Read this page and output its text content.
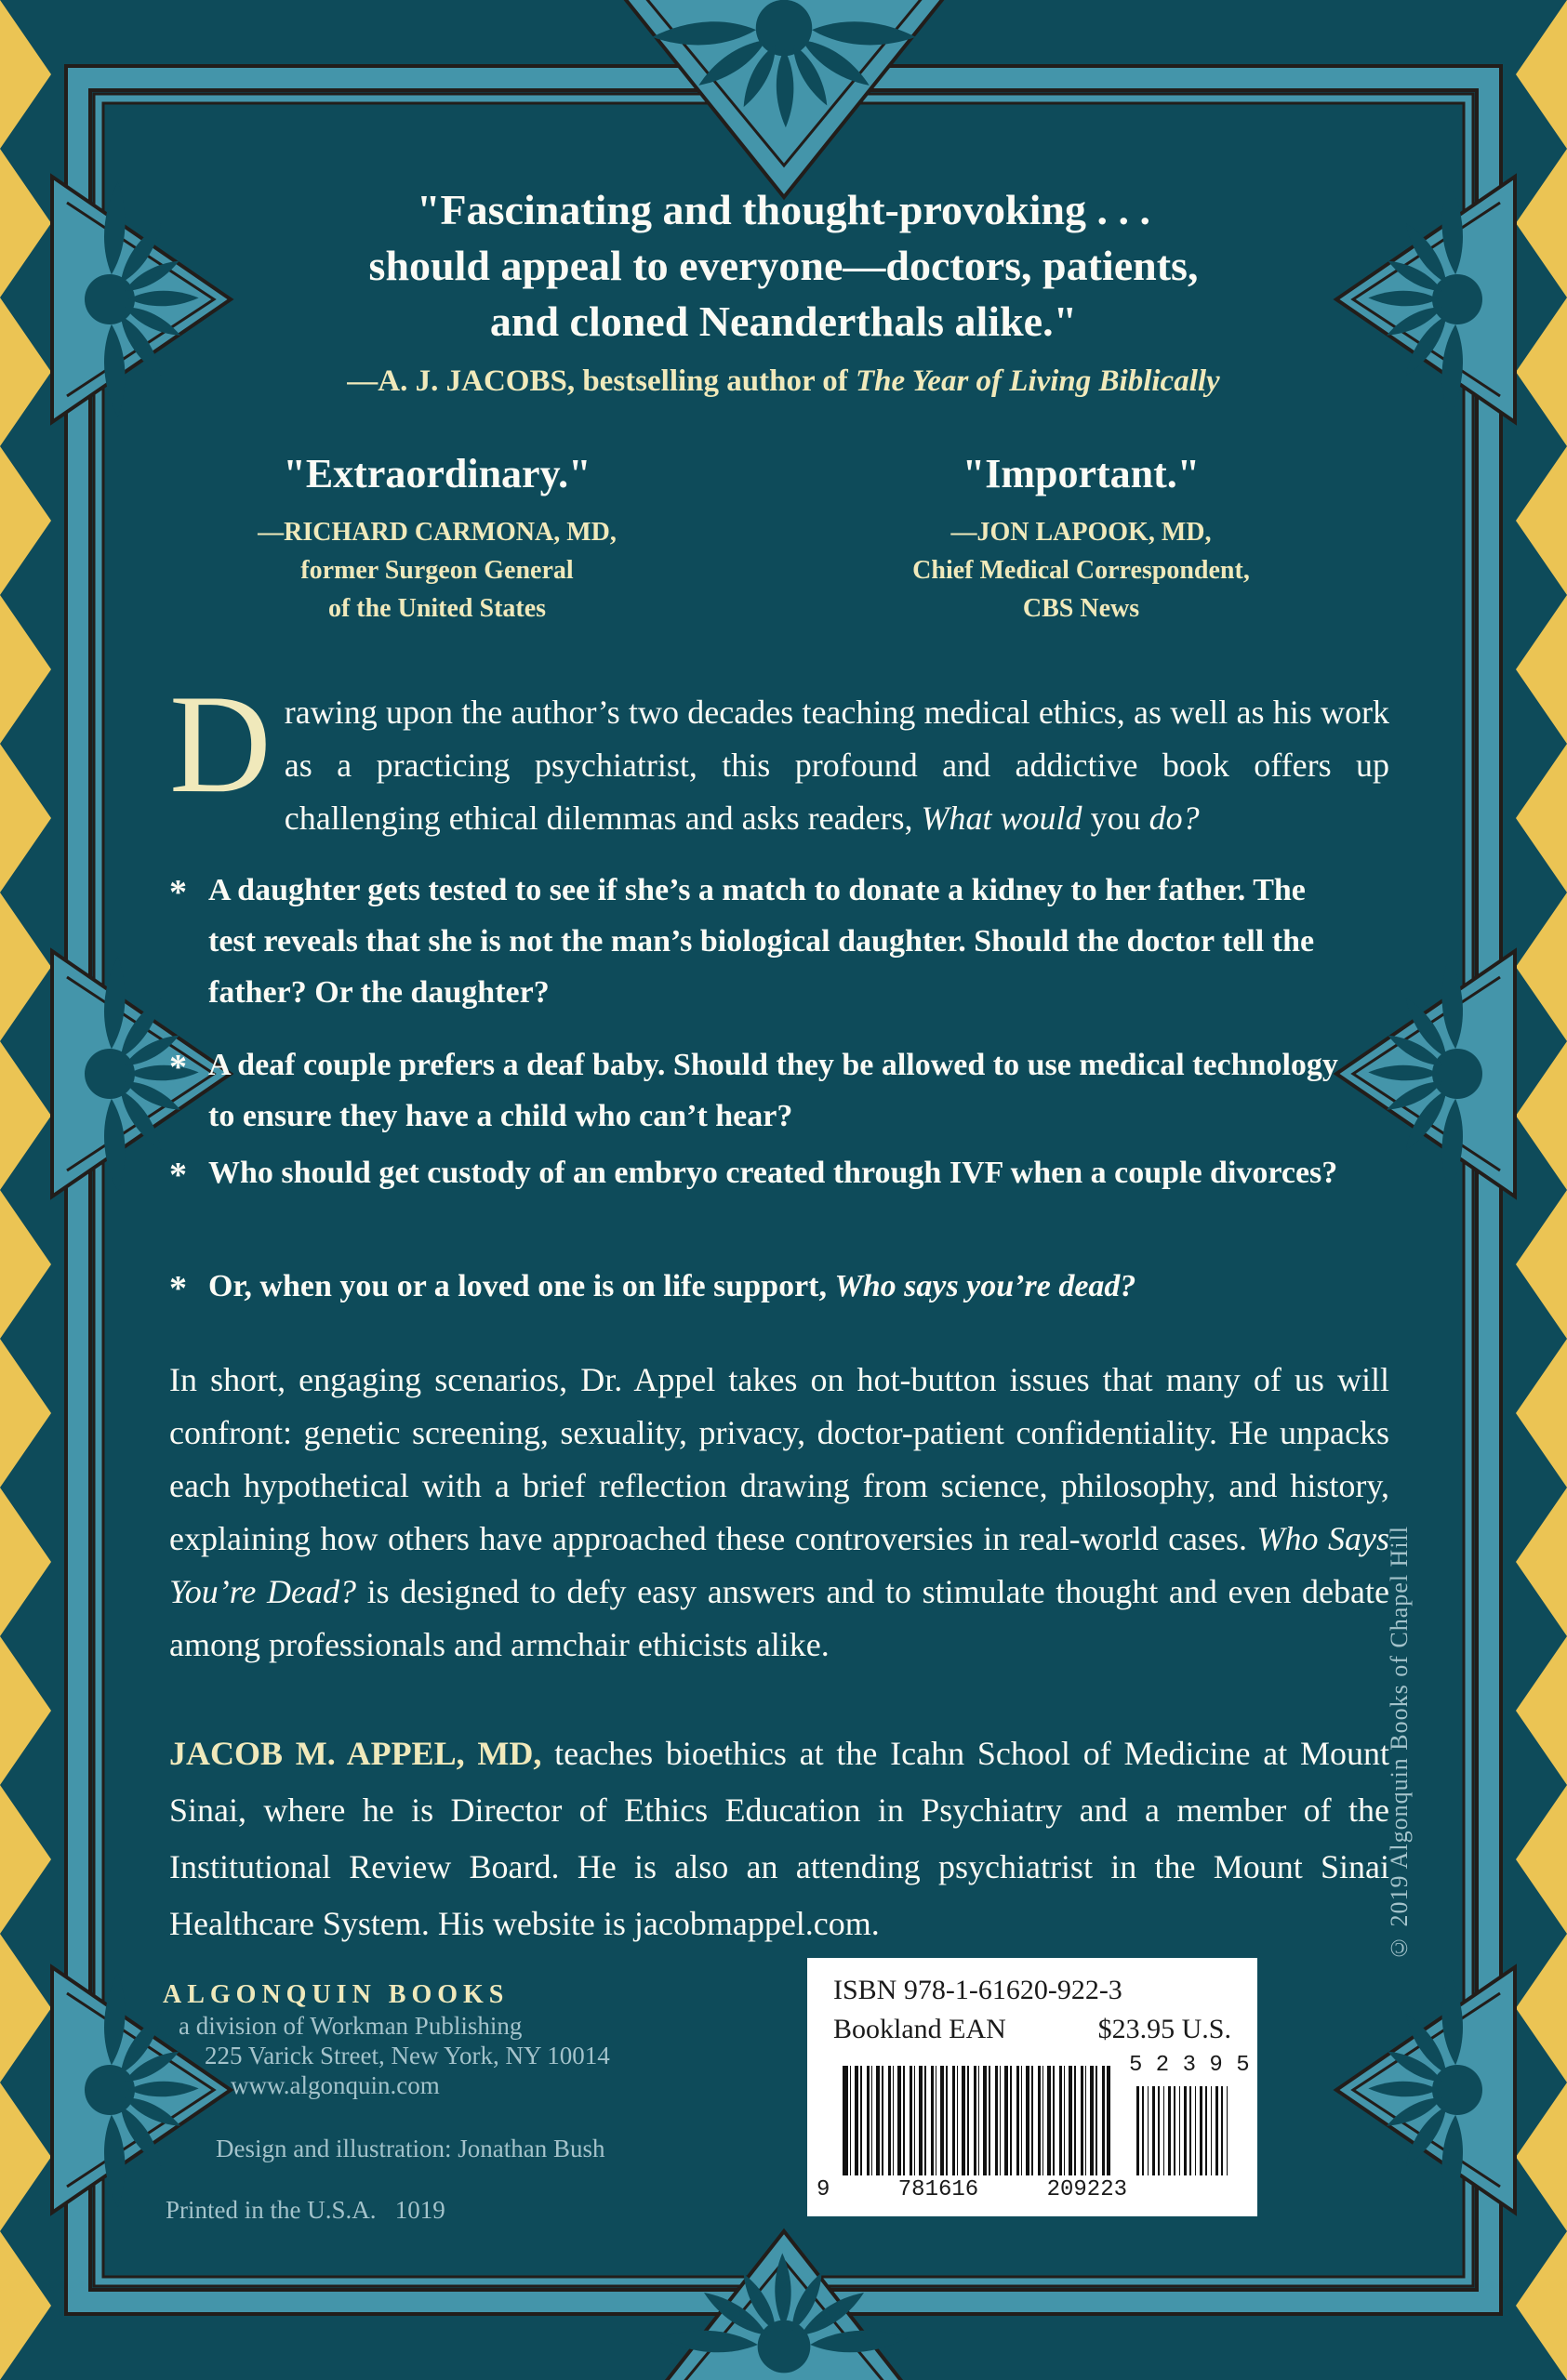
"Fascinating and thought-provoking . . .
should appeal to everyone—doctors, patients,
and cloned Neanderthals alike."
—A. J. JACOBS, bestselling author of The Year of Living Biblically
"Extraordinary."
—RICHARD CARMONA, MD,
former Surgeon General
of the United States
"Important."
—JON LAPOOK, MD,
Chief Medical Correspondent,
CBS News
Drawing upon the author’s two decades teaching medical ethics, as well as his work as a practicing psychiatrist, this profound and addictive book offers up challenging ethical dilemmas and asks readers, What would you do?
* A daughter gets tested to see if she’s a match to donate a kidney to her father. The test reveals that she is not the man’s biological daughter. Should the doctor tell the father? Or the daughter?
* A deaf couple prefers a deaf baby. Should they be allowed to use medical technology to ensure they have a child who can’t hear?
* Who should get custody of an embryo created through IVF when a couple divorces?
* Or, when you or a loved one is on life support, Who says you’re dead?
In short, engaging scenarios, Dr. Appel takes on hot-button issues that many of us will confront: genetic screening, sexuality, privacy, doctor-patient confidentiality. He unpacks each hypothetical with a brief reflection drawing from science, philosophy, and history, explaining how others have approached these controversies in real-world cases. Who Says You’re Dead? is designed to defy easy answers and to stimulate thought and even debate among professionals and armchair ethicists alike.
JACOB M. APPEL, MD, teaches bioethics at the Icahn School of Medicine at Mount Sinai, where he is Director of Ethics Education in Psychiatry and a member of the Institutional Review Board. He is also an attending psychiatrist in the Mount Sinai Healthcare System. His website is jacobmappel.com.
ALGONQUIN BOOKS
a division of Workman Publishing
225 Varick Street, New York, NY 10014
www.algonquin.com
Design and illustration: Jonathan Bush
Printed in the U.S.A.   1019
© 2019 Algonquin Books of Chapel Hill
ISBN 978-1-61620-922-3
Bookland EAN	$23.95 U.S.
9	781616	209223
5 2 3 9 5
